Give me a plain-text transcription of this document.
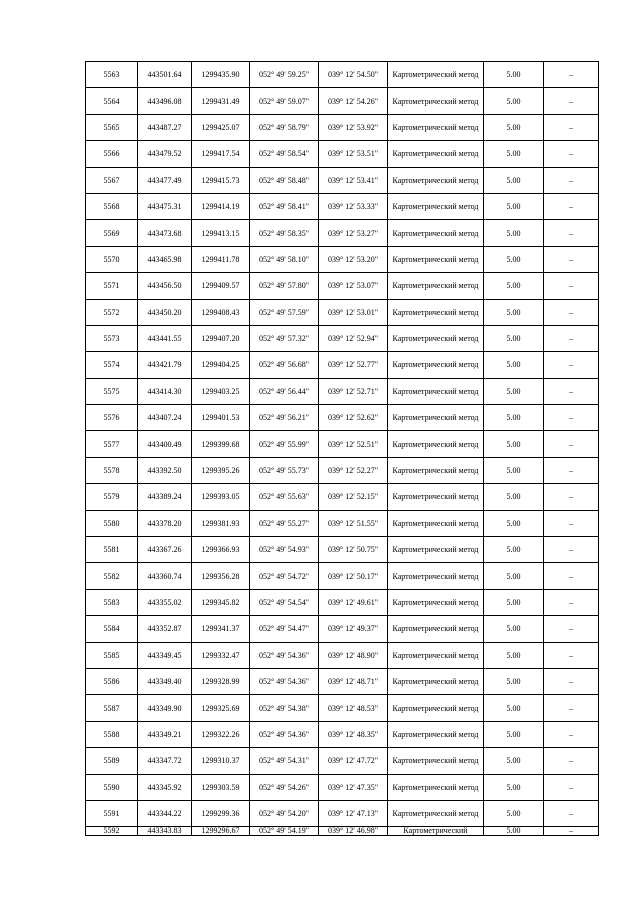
5563	443501.64	1299435.90	052° 49' 59.25"	039° 12' 54.50"	Картометрический метод	5.00	–
5564	443496.08	1299431.49	052° 49' 59.07"	039° 12' 54.26"	Картометрический метод	5.00	–
5565	443487.27	1299425.07	052° 49' 58.79"	039° 12' 53.92"	Картометрический метод	5.00	–
5566	443479.52	1299417.54	052° 49' 58.54"	039° 12' 53.51"	Картометрический метод	5.00	–
5567	443477.49	1299415.73	052° 49' 58.48"	039° 12' 53.41"	Картометрический метод	5.00	–
5568	443475.31	1299414.19	052° 49' 58.41"	039° 12' 53.33"	Картометрический метод	5.00	–
5569	443473.68	1299413.15	052° 49' 58.35"	039° 12' 53.27"	Картометрический метод	5.00	–
5570	443465.98	1299411.78	052° 49' 58.10"	039° 12' 53.20"	Картометрический метод	5.00	–
5571	443456.50	1299409.57	052° 49' 57.80"	039° 12' 53.07"	Картометрический метод	5.00	–
5572	443450.20	1299408.43	052° 49' 57.59"	039° 12' 53.01"	Картометрический метод	5.00	–
5573	443441.55	1299407.20	052° 49' 57.32"	039° 12' 52.94"	Картометрический метод	5.00	–
5574	443421.79	1299404.25	052° 49' 56.68"	039° 12' 52.77"	Картометрический метод	5.00	–
5575	443414.30	1299403.25	052° 49' 56.44"	039° 12' 52.71"	Картометрический метод	5.00	–
5576	443407.24	1299401.53	052° 49' 56.21"	039° 12' 52.62"	Картометрический метод	5.00	–
5577	443400.49	1299399.68	052° 49' 55.99"	039° 12' 52.51"	Картометрический метод	5.00	–
5578	443392.50	1299395.26	052° 49' 55.73"	039° 12' 52.27"	Картометрический метод	5.00	–
5579	443389.24	1299393.05	052° 49' 55.63"	039° 12' 52.15"	Картометрический метод	5.00	–
5580	443378.20	1299381.93	052° 49' 55.27"	039° 12' 51.55"	Картометрический метод	5.00	–
5581	443367.26	1299366.93	052° 49' 54.93"	039° 12' 50.75"	Картометрический метод	5.00	–
5582	443360.74	1299356.28	052° 49' 54.72"	039° 12' 50.17"	Картометрический метод	5.00	–
5583	443355.02	1299345.82	052° 49' 54.54"	039° 12' 49.61"	Картометрический метод	5.00	–
5584	443352.87	1299341.37	052° 49' 54.47"	039° 12' 49.37"	Картометрический метод	5.00	–
5585	443349.45	1299332.47	052° 49' 54.36"	039° 12' 48.90"	Картометрический метод	5.00	–
5586	443349.40	1299328.99	052° 49' 54.36"	039° 12' 48.71"	Картометрический метод	5.00	–
5587	443349.90	1299325.69	052° 49' 54.38"	039° 12' 48.53"	Картометрический метод	5.00	–
5588	443349.21	1299322.26	052° 49' 54.36"	039° 12' 48.35"	Картометрический метод	5.00	–
5589	443347.72	1299310.37	052° 49' 54.31"	039° 12' 47.72"	Картометрический метод	5.00	–
5590	443345.92	1299303.59	052° 49' 54.26"	039° 12' 47.35"	Картометрический метод	5.00	–
5591	443344.22	1299299.36	052° 49' 54.20"	039° 12' 47.13"	Картометрический метод	5.00	–
5592	443343.83	1299296.67	052° 49' 54.19"	039° 12' 46.98"	Картометрический	5.00	–
